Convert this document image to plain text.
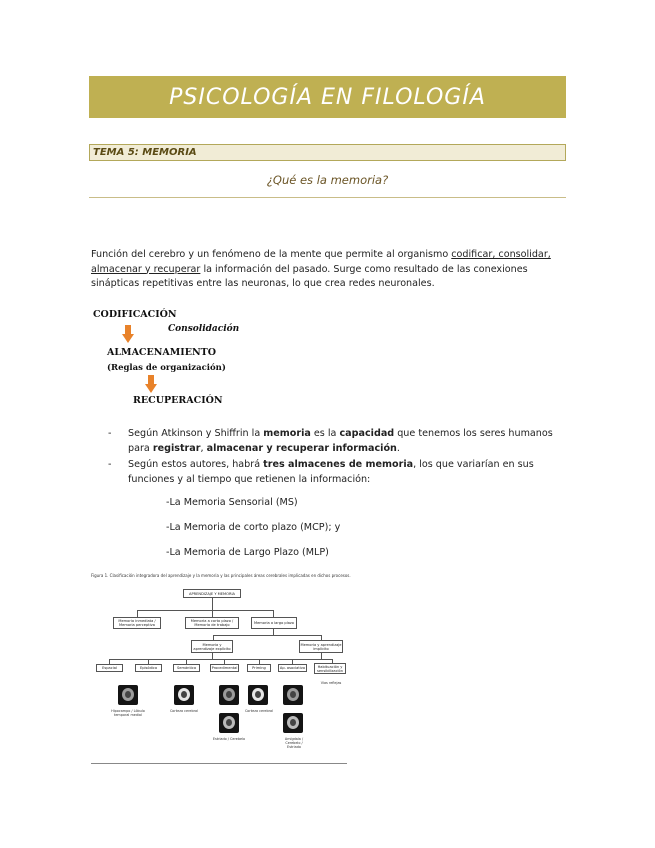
PSICOLOGÍA EN FILOLOGÍA
TEMA 5: MEMORIA
¿Qué es la memoria?

Función del cerebro y un fenómeno de la mente que permite al organismo codificar, consolidar, almacenar y recuperar la información del pasado. Surge como resultado de las conexiones sinápticas repetitivas entre las neuronas, lo que crea redes neuronales.

CODIFICACIÓN
Consolidación
ALMACENAMIENTO
(Reglas de organización)
RECUPERACIÓN
- Según Atkinson y Shiffrin la memoria es la capacidad que tenemos los seres humanos para registrar, almacenar y recuperar información.
- Según estos autores, habrá tres almacenes de memoria, los que variarían en sus funciones y al tiempo que retienen la información:
-La Memoria Sensorial (MS)
-La Memoria de corto plazo (MCP); y
-La Memoria de Largo Plazo (MLP)
Figura 1. Clasificación integradora del aprendizaje y la memoria y las principales áreas cerebrales implicadas en dichos procesos.
APRENDIZAJE Y MEMORIA
Memoria inmediata / Memoria perceptiva
Memoria a corto plazo / Memoria de trabajo	Memoria a largo plazo
Memoria y aprendizaje explícito
Memoria y aprendizaje implícito
Espacial	Episódica	Semántica	Procedimental	Priming	Ap. asociativo	Habituación y sensibilización
Vías reflejas
Hipocampo / Lóbulo temporal medial
Corteza cerebral	Corteza cerebral
Estriado / Cerebelo	Amígdala / Cerebelo / Estriado
